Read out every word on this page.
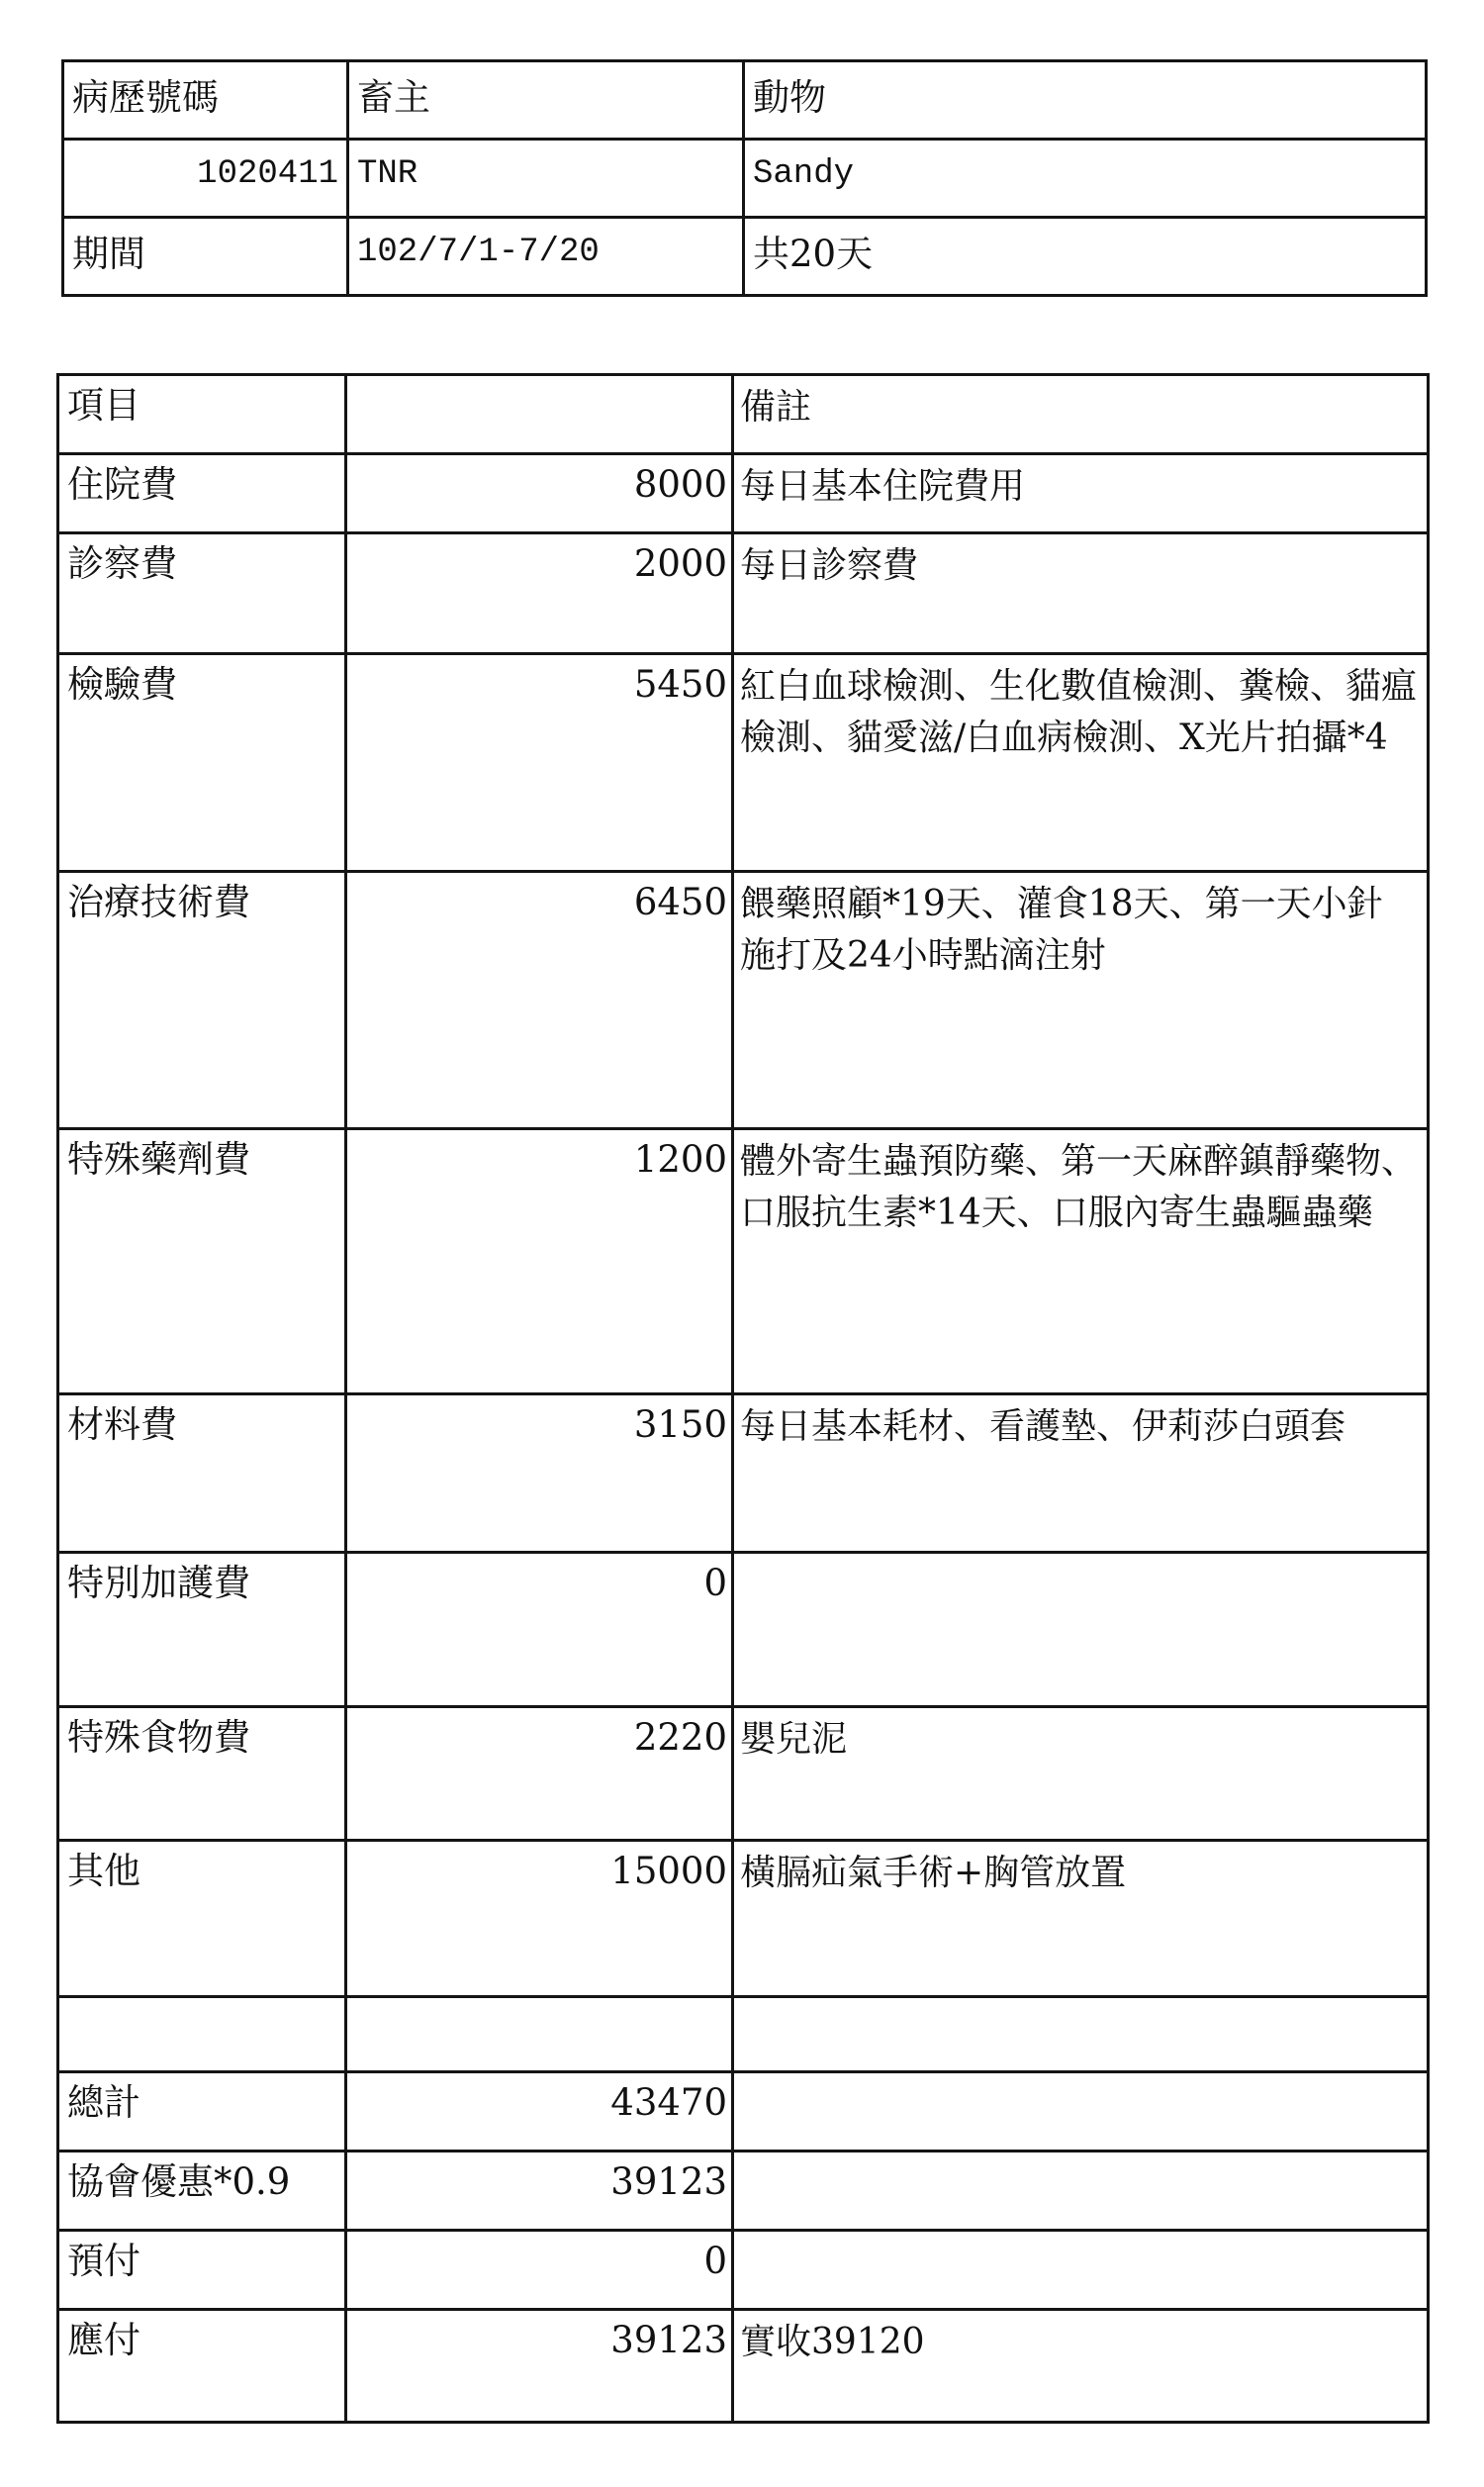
病歷號碼	畜主	動物

1020411	TNR	Sandy

期間	102/7/1-7/20	共20天
項目		備註

住院費	8000	每日基本住院費用

診察費	2000	每日診察費

檢驗費	5450	紅白血球檢測、生化數值檢測、糞檢、貓瘟檢測、貓愛滋/白血病檢測、X光片拍攝*4

治療技術費	6450	餵藥照顧*19天、灌食18天、第一天小針施打及24小時點滴注射

特殊藥劑費	1200	體外寄生蟲預防藥、第一天麻醉鎮靜藥物、口服抗生素*14天、口服內寄生蟲驅蟲藥

材料費	3150	每日基本耗材、看護墊、伊莉莎白頭套

特別加護費	0	

特殊食物費	2220	嬰兒泥

其他	15000	橫膈疝氣手術+胸管放置

總計	43470	

協會優惠*0.9	39123	

預付	0	

應付	39123	實收39120
